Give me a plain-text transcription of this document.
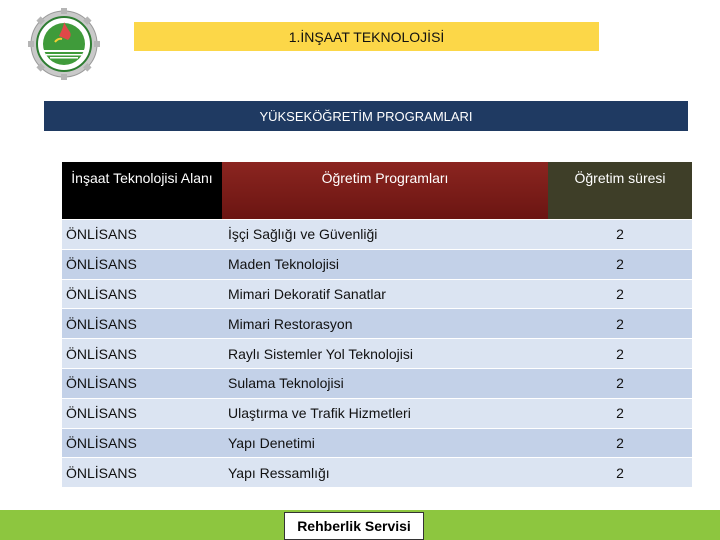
1.İNŞAAT TEKNOLOJİSİ
YÜKSEKÖĞRETİM PROGRAMLARI
İnşaat Teknolojisi Alanı	Öğretim Programları	Öğretim süresi
ÖNLİSANS	İşçi Sağlığı ve Güvenliği	2
ÖNLİSANS	Maden Teknolojisi	2
ÖNLİSANS	Mimari Dekoratif Sanatlar	2
ÖNLİSANS	Mimari Restorasyon	2
ÖNLİSANS	Raylı Sistemler Yol Teknolojisi	2
ÖNLİSANS	Sulama Teknolojisi	2
ÖNLİSANS	Ulaştırma ve Trafik Hizmetleri	2
ÖNLİSANS	Yapı Denetimi	2
ÖNLİSANS	Yapı Ressamlığı	2
Rehberlik Servisi
